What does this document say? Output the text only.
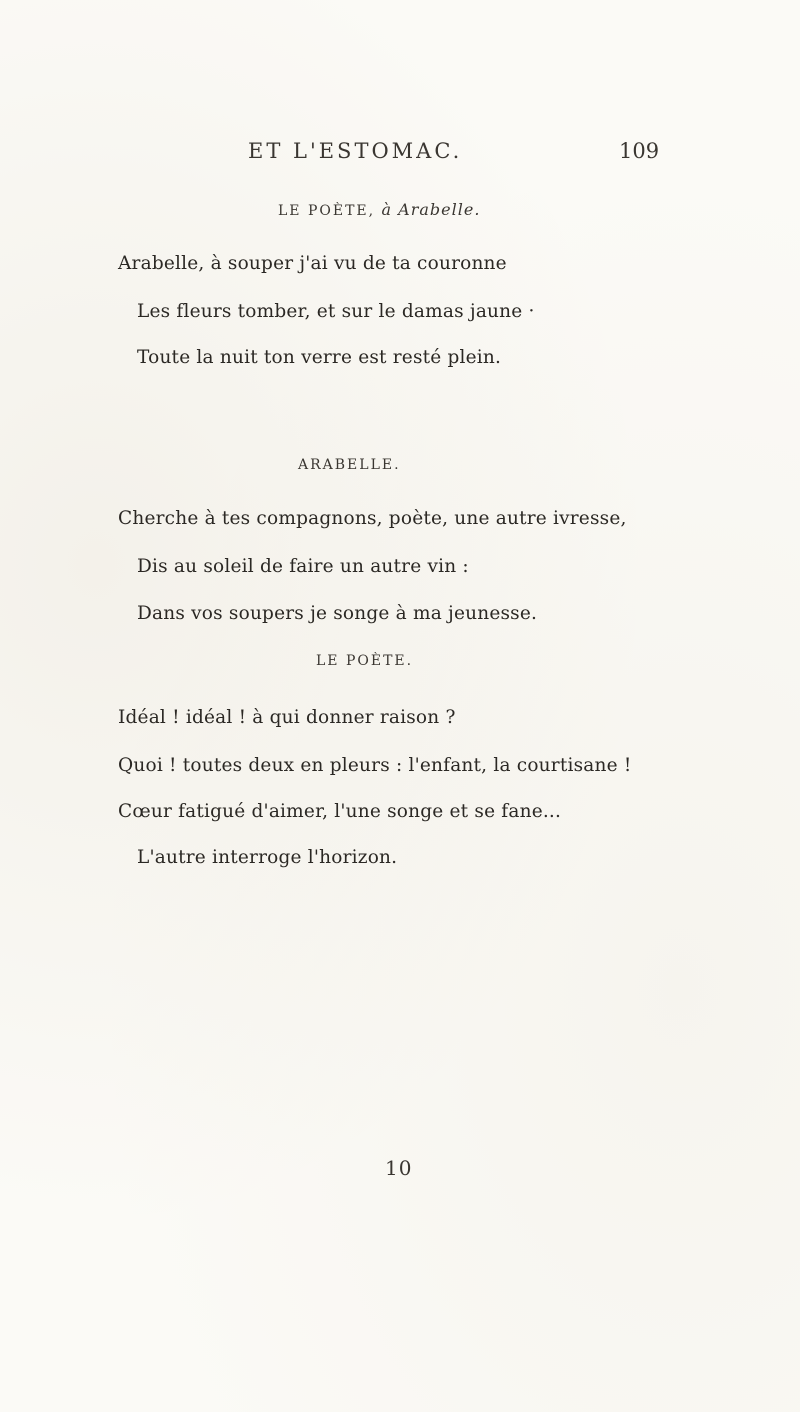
ET L'ESTOMAC.	109
LE POÈTE, à Arabelle.
Arabelle, à souper j'ai vu de ta couronne
Les fleurs tomber, et sur le damas jaune ·
Toute la nuit ton verre est resté plein.
ARABELLE.
Cherche à tes compagnons, poète, une autre ivresse,
Dis au soleil de faire un autre vin :
Dans vos soupers je songe à ma jeunesse.
LE POÈTE.
Idéal ! idéal ! à qui donner raison ?
Quoi ! toutes deux en pleurs : l'enfant, la courtisane !
Cœur fatigué d'aimer, l'une songe et se fane...
L'autre interroge l'horizon.
10
